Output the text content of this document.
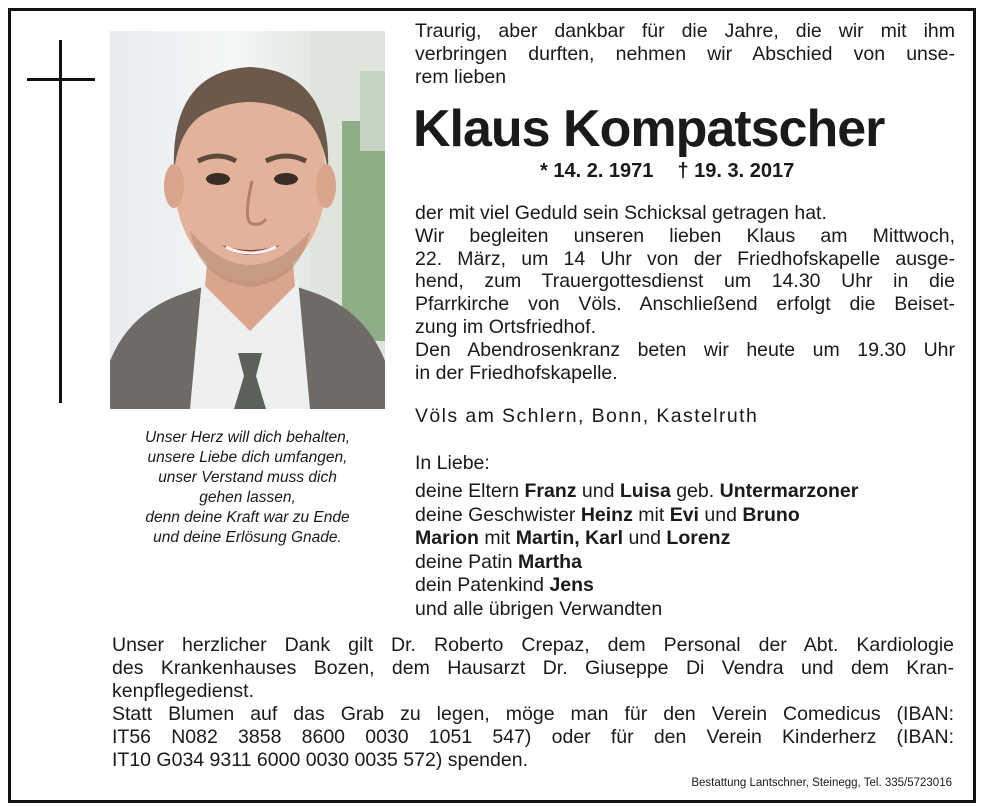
Unser Herz will dich behalten,
unsere Liebe dich umfangen,
unser Verstand muss dich
gehen lassen,
denn deine Kraft war zu Ende
und deine Erlösung Gnade.

Traurig, aber dankbar für die Jahre, die wir mit ihm
verbringen durften, nehmen wir Abschied von unse-
rem lieben

Klaus Kompatscher
* 14. 2. 1971 † 19. 3. 2017

der mit viel Geduld sein Schicksal getragen hat.
Wir begleiten unseren lieben Klaus am Mittwoch,
22. März, um 14 Uhr von der Friedhofskapelle ausge-
hend, zum Trauergottesdienst um 14.30 Uhr in die
Pfarrkirche von Völs. Anschließend erfolgt die Beiset-
zung im Ortsfriedhof.
Den Abendrosenkranz beten wir heute um 19.30 Uhr
in der Friedhofskapelle.

Völs am Schlern, Bonn, Kastelruth
In Liebe:
deine Eltern Franz und Luisa geb. Untermarzoner
deine Geschwister Heinz mit Evi und Bruno
Marion mit Martin, Karl und Lorenz
deine Patin Martha
dein Patenkind Jens
und alle übrigen Verwandten

Unser herzlicher Dank gilt Dr. Roberto Crepaz, dem Personal der Abt. Kardiologie
des Krankenhauses Bozen, dem Hausarzt Dr. Giuseppe Di Vendra und dem Kran-
kenpflegedienst.
Statt Blumen auf das Grab zu legen, möge man für den Verein Comedicus (IBAN:
IT56 N082 3858 8600 0030 1051 547) oder für den Verein Kinderherz (IBAN:
IT10 G034 9311 6000 0030 0035 572) spenden.

Bestattung Lantschner, Steinegg, Tel. 335/5723016
